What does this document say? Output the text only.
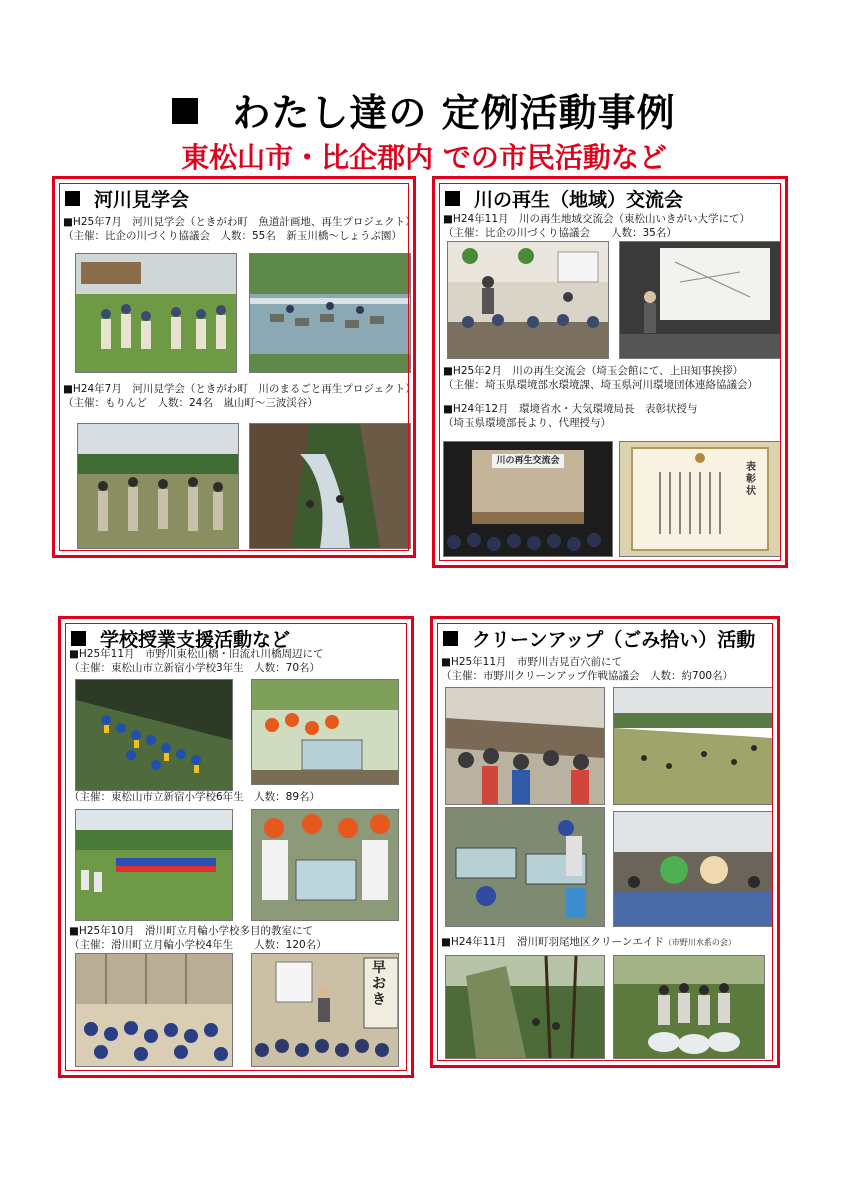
わたし達の 定例活動事例
東松山市・比企郡内 での市民活動など
河川見学会
■H25年7月　河川見学会（ときがわ町　魚道計画地、再生プロジェクト）
（主催：比企の川づくり協議会　人数：55名　新玉川橋～しょうぶ園）
■H24年7月　河川見学会（ときがわ町　川のまるごと再生プロジェクト）
（主催：もりんど　人数：24名　嵐山町～三波渓谷）
川の再生（地域）交流会
■H24年11月　川の再生地域交流会（東松山いきがい大学にて）
（主催：比企の川づくり協議会　　人数：35名）
■H25年2月　川の再生交流会（埼玉会館にて、上田知事挨拶）
（主催：埼玉県環境部水環境課、埼玉県河川環境団体連絡協議会）
■H24年12月　環境省水・大気環境局長　表彰状授与
（埼玉県環境部長より、代理授与）
川の再生交流会
表彰状
学校授業支援活動など
■H25年11月　市野川東松山橋・旧流れ川橋周辺にて
（主催：東松山市立新宿小学校3年生　人数：70名）
（主催：東松山市立新宿小学校6年生　人数：89名）
■H25年10月　滑川町立月輪小学校多目的教室にて
（主催：滑川町立月輪小学校4年生　　人数：120名）
早おき
クリーンアップ（ごみ拾い）活動
■H25年11月　市野川吉見百穴前にて
（主催：市野川クリーンアップ作戦協議会　人数：約700名）
■H24年11月　滑川町羽尾地区クリーンエイド（市野川水系の会）
